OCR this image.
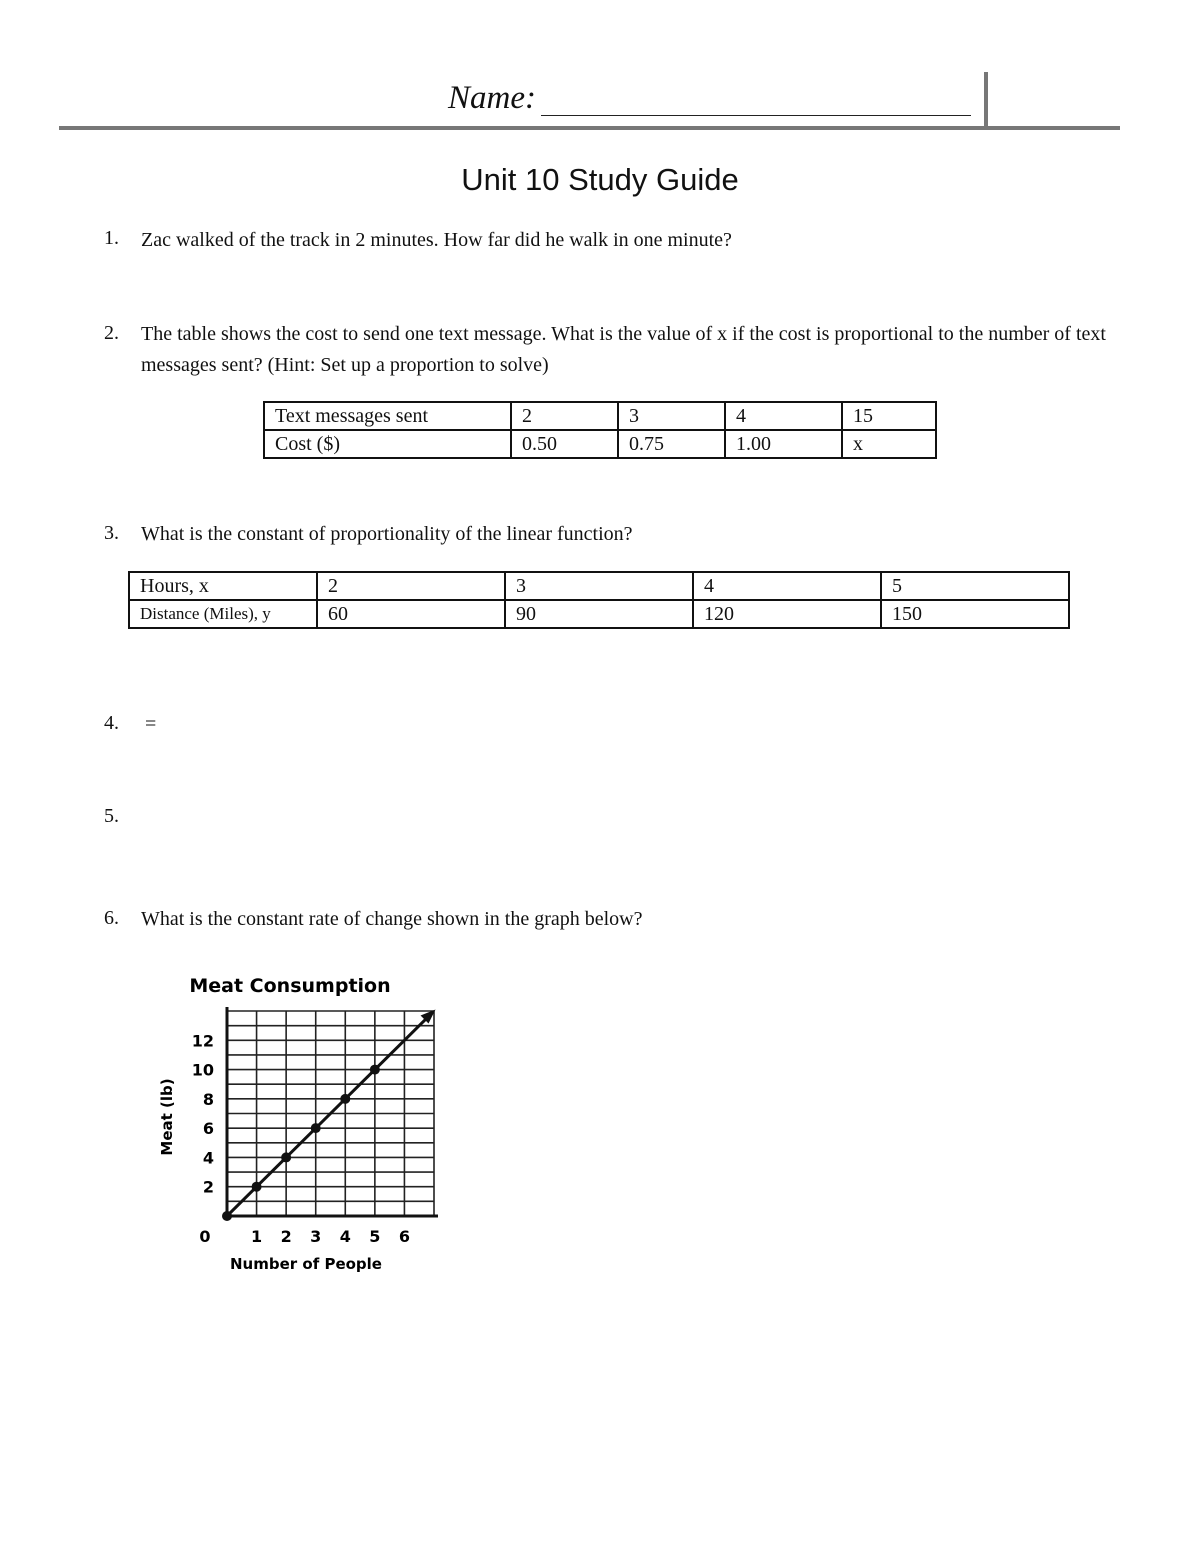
Name:
Unit 10 Study Guide
1.	Zac walked of the track in 2 minutes. How far did he walk in one minute?
2.	The table shows the cost to send one text message. What is the value of x if the cost is proportional to the number of text messages sent? (Hint: Set up a proportion to solve)
Text messages sent	2	3	4	15
Cost ($)	0.50	0.75	1.00	x
3.	What is the constant of proportionality of the linear function?
Hours, x	2	3	4	5
Distance (Miles), y	60	90	120	150
4.	=
5.
6.	What is the constant rate of change shown in the graph below?
Meat Consumption
0	1 2 3 4 5 6
2
4
6
8
10
12
Number of People
Meat (lb)
